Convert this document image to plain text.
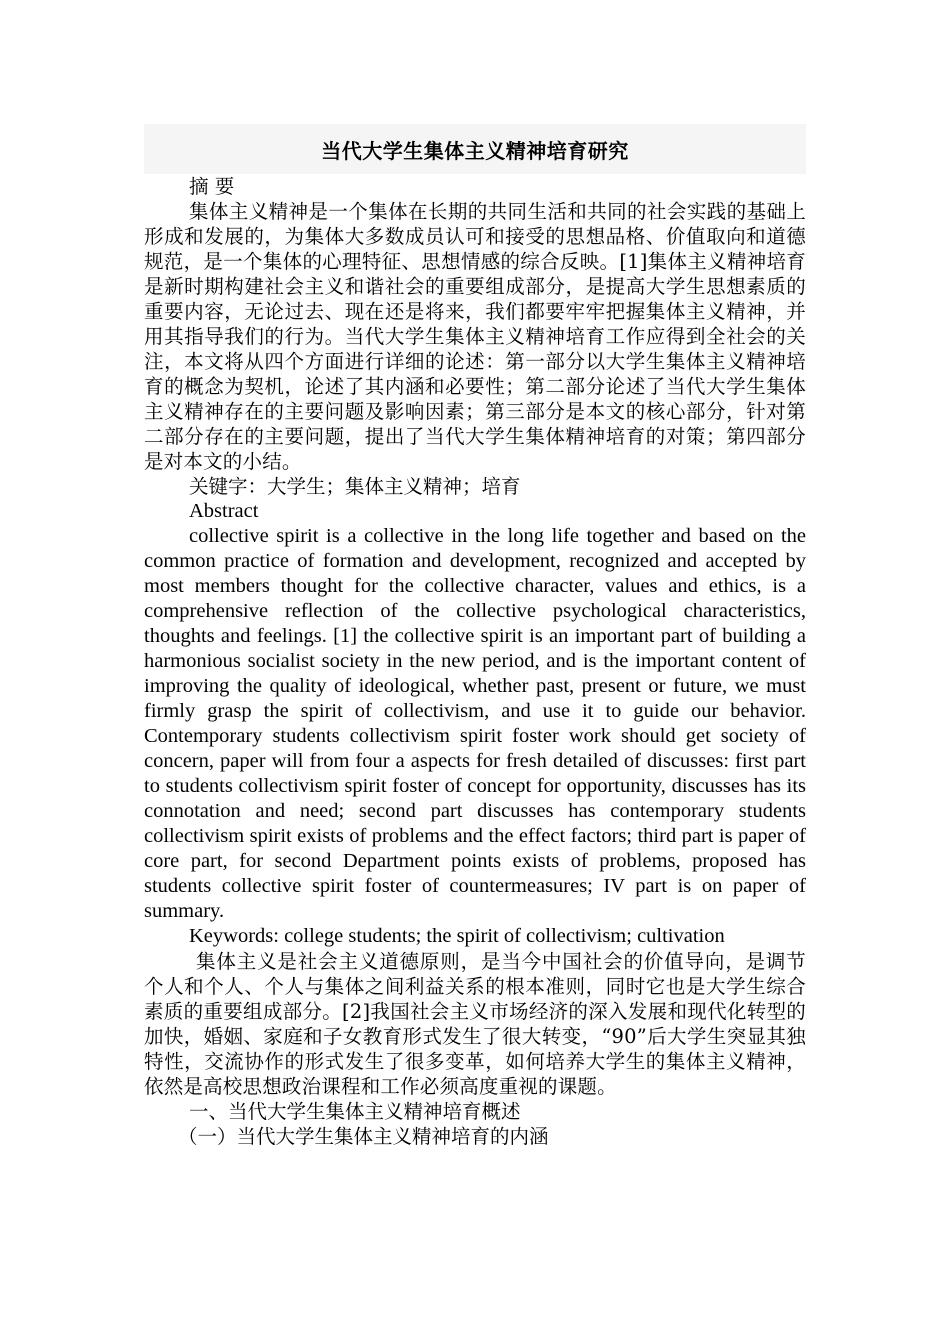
当代大学生集体主义精神培育研究

摘 要

集体主义精神是一个集体在长期的共同生活和共同的社会实践的基础上形成和发展的，为集体大多数成员认可和接受的思想品格、价值取向和道德规范，是一个集体的心理特征、思想情感的综合反映。[1]集体主义精神培育是新时期构建社会主义和谐社会的重要组成部分，是提高大学生思想素质的重要内容，无论过去、现在还是将来，我们都要牢牢把握集体主义精神，并用其指导我们的行为。当代大学生集体主义精神培育工作应得到全社会的关注，本文将从四个方面进行详细的论述：第一部分以大学生集体主义精神培育的概念为契机，论述了其内涵和必要性；第二部分论述了当代大学生集体主义精神存在的主要问题及影响因素；第三部分是本文的核心部分，针对第二部分存在的主要问题，提出了当代大学生集体精神培育的对策；第四部分是对本文的小结。

关键字：大学生；集体主义精神；培育

Abstract

collective spirit is a collective in the long life together and based on the common practice of formation and development, recognized and accepted by most members thought for the collective character, values and ethics, is a comprehensive reflection of the collective psychological characteristics, thoughts and feelings. [1] the collective spirit is an important part of building a harmonious socialist society in the new period, and is the important content of improving the quality of ideological, whether past, present or future, we must firmly grasp the spirit of collectivism, and use it to guide our behavior. Contemporary students collectivism spirit foster work should get society of concern, paper will from four a aspects for fresh detailed of discusses: first part to students collectivism spirit foster of concept for opportunity, discusses has its connotation and need; second part discusses has contemporary students collectivism spirit exists of problems and the effect factors; third part is paper of core part, for second Department points exists of problems, proposed has students collective spirit foster of countermeasures; IV part is on paper of summary.

Keywords: college students; the spirit of collectivism; cultivation

集体主义是社会主义道德原则，是当今中国社会的价值导向，是调节个人和个人、个人与集体之间利益关系的根本准则，同时它也是大学生综合素质的重要组成部分。[2]我国社会主义市场经济的深入发展和现代化转型的加快，婚姻、家庭和子女教育形式发生了很大转变，“90”后大学生突显其独特性，交流协作的形式发生了很多变革，如何培养大学生的集体主义精神，依然是高校思想政治课程和工作必须高度重视的课题。

一、当代大学生集体主义精神培育概述

（一）当代大学生集体主义精神培育的内涵
